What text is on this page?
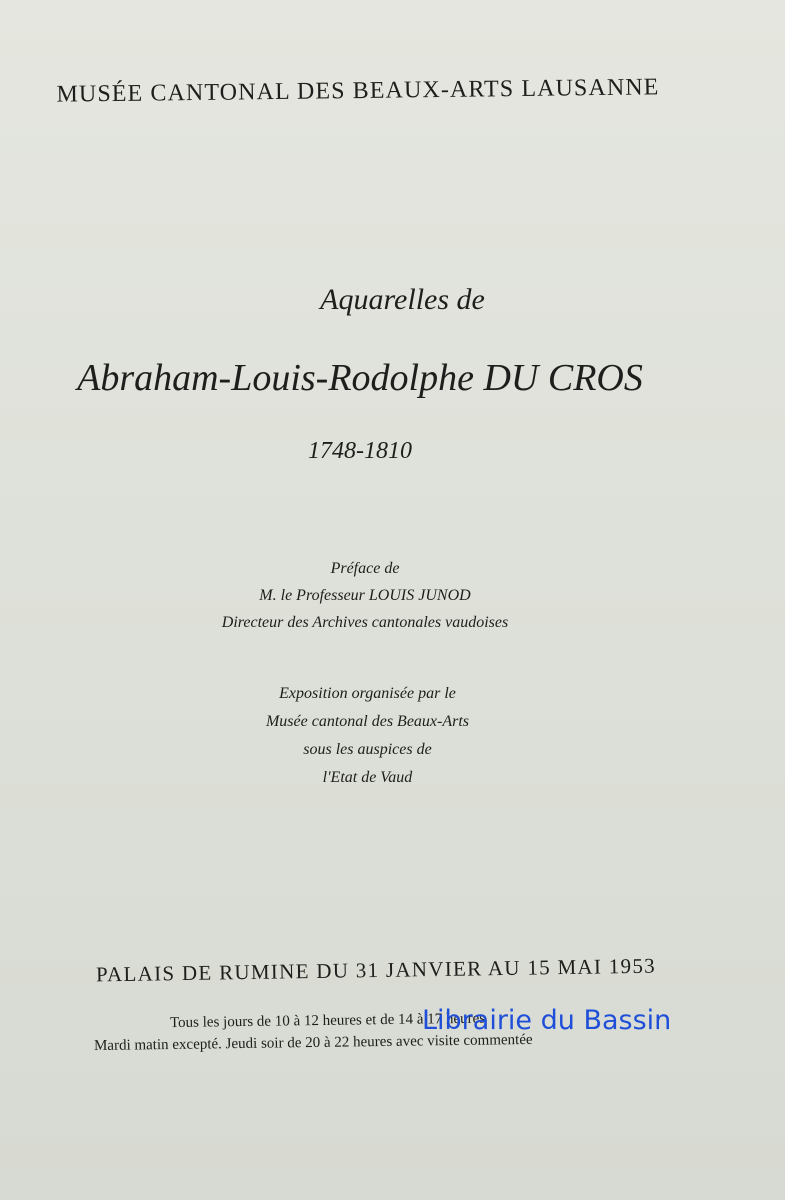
MUSÉE CANTONAL DES BEAUX-ARTS LAUSANNE
Aquarelles de
Abraham-Louis-Rodolphe DU CROS
1748-1810
Préface de
M. le Professeur LOUIS JUNOD
Directeur des Archives cantonales vaudoises
Exposition organisée par le
Musée cantonal des Beaux-Arts
sous les auspices de
l'Etat de Vaud
PALAIS DE RUMINE DU 31 JANVIER AU 15 MAI 1953
Tous les jours de 10 à 12 heures et de 14 à 17 heures
Mardi matin excepté. Jeudi soir de 20 à 22 heures avec visite commentée
Librairie du Bassin
